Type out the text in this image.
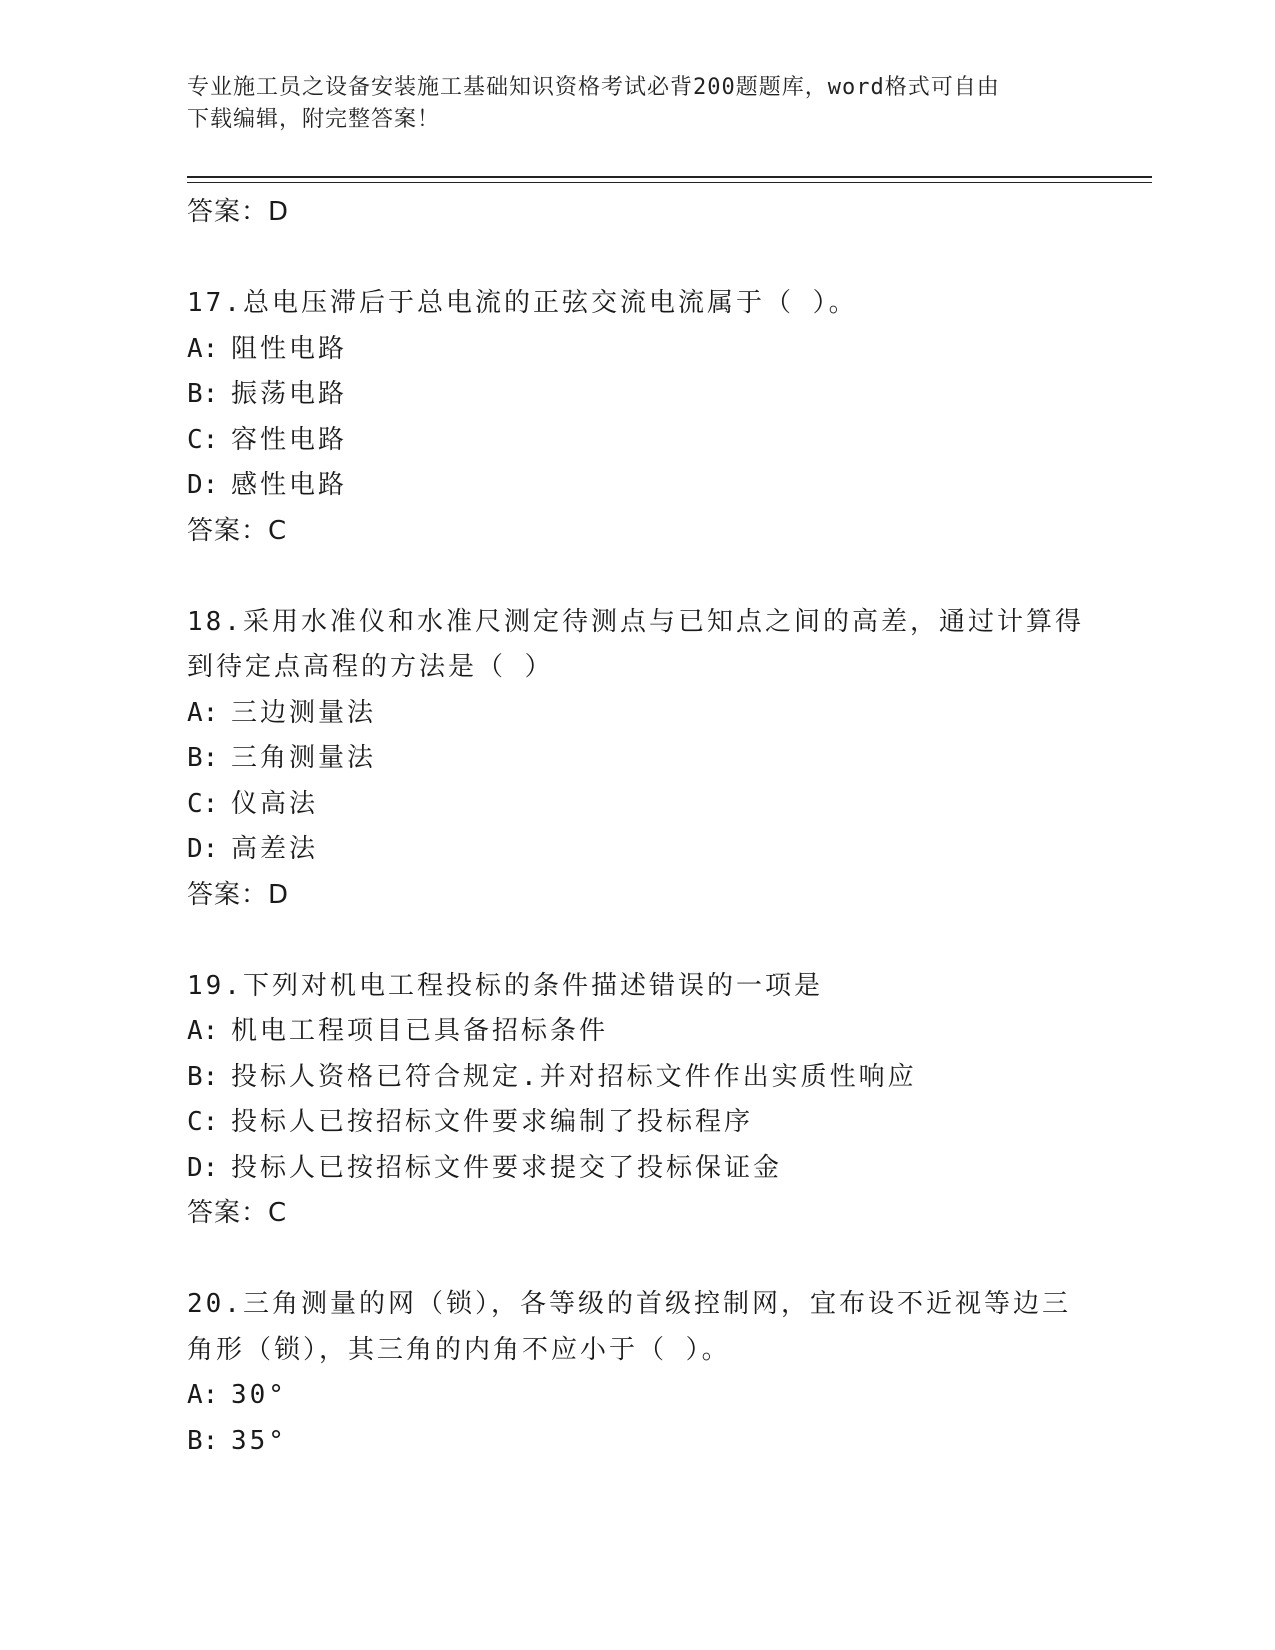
专业施工员之设备安装施工基础知识资格考试必背200题题库，word格式可自由
下载编辑，附完整答案！
答案：D
17.总电压滞后于总电流的正弦交流电流属于（ ）。
A: 阻性电路
B: 振荡电路
C: 容性电路
D: 感性电路
答案：C
18.采用水准仪和水准尺测定待测点与已知点之间的高差，通过计算得
到待定点高程的方法是（ ）
A: 三边测量法
B: 三角测量法
C: 仪高法
D: 高差法
答案：D
19.下列对机电工程投标的条件描述错误的一项是
A: 机电工程项目已具备招标条件
B: 投标人资格已符合规定.并对招标文件作出实质性响应
C: 投标人已按招标文件要求编制了投标程序
D: 投标人已按招标文件要求提交了投标保证金
答案：C
20.三角测量的网（锁），各等级的首级控制网，宜布设不近视等边三
角形（锁），其三角的内角不应小于（ ）。
A: 30°
B: 35°
